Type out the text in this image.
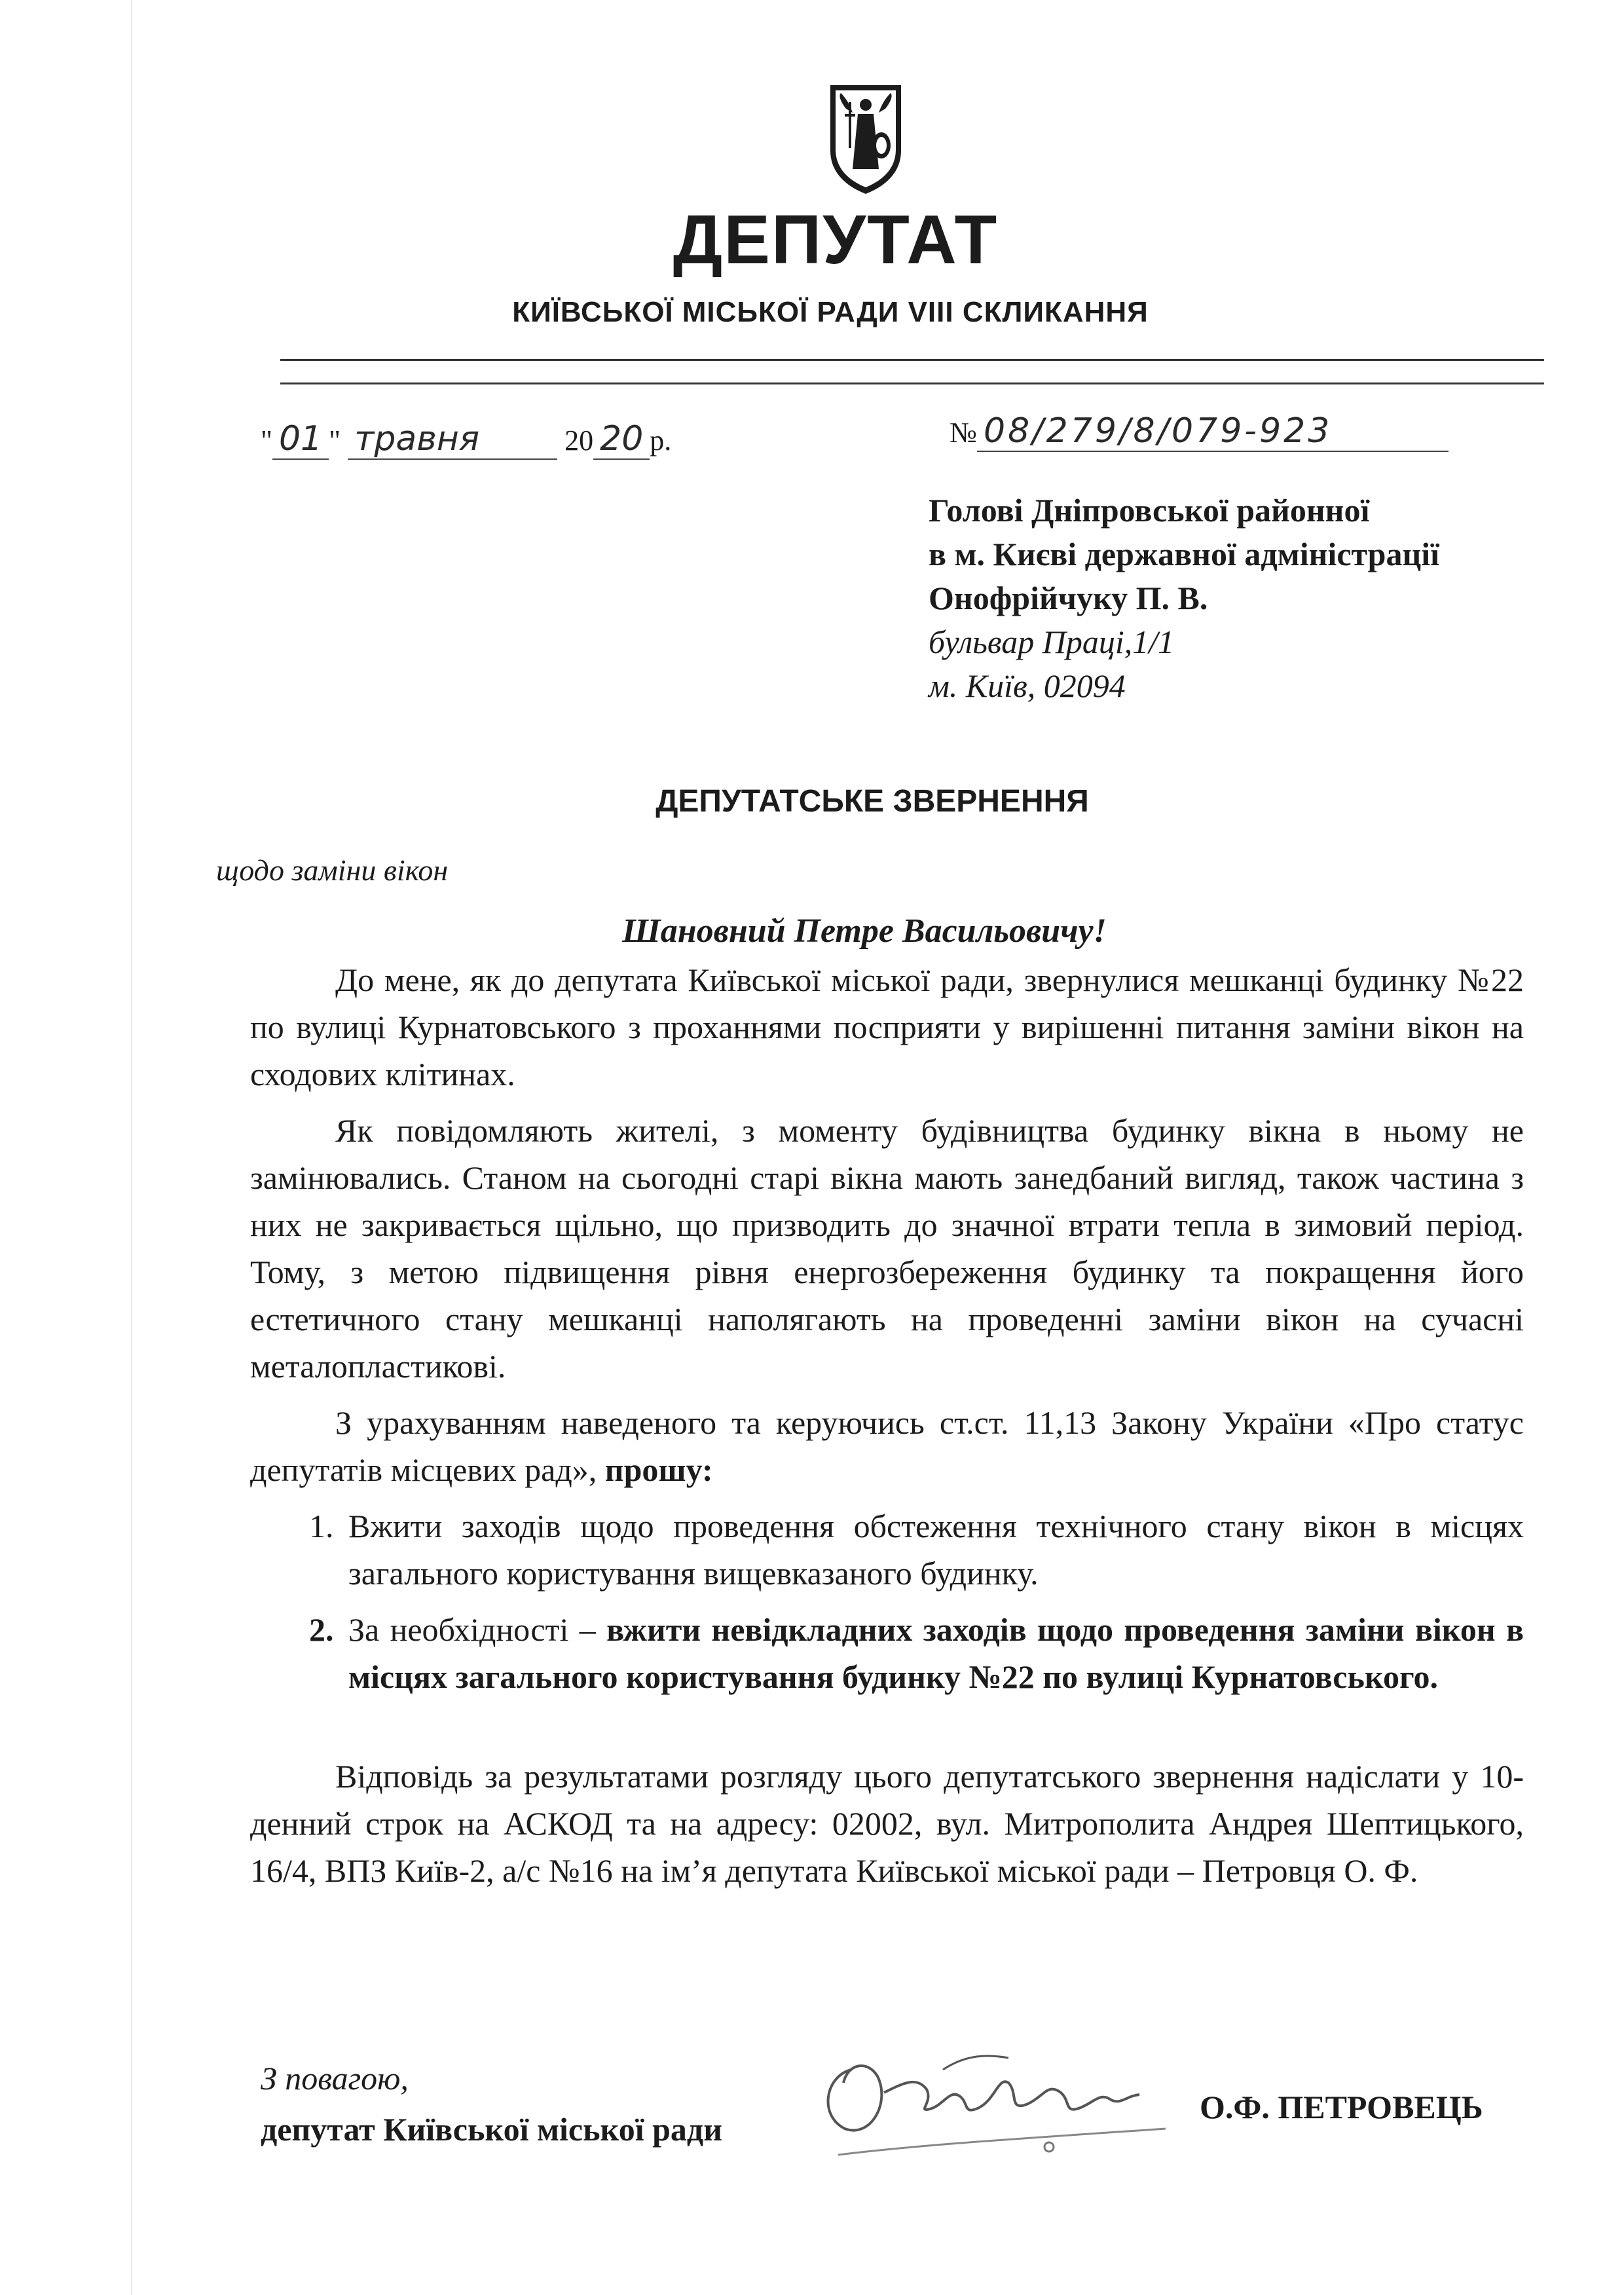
ДЕПУТАТ
КИЇВСЬКОЇ МІСЬКОЇ РАДИ VIII СКЛИКАННЯ
" 01 " травня	20 20 р.	№ 08/279/8/079-923
Голові Дніпровської районної
в м. Києві державної адміністрації
Онофрійчуку П. В.
бульвар Праці,1/1
м. Київ, 02094
ДЕПУТАТСЬКЕ ЗВЕРНЕННЯ
щодо заміни вікон
Шановний Петре Васильовичу!

До мене, як до депутата Київської міської ради, звернулися мешканці будинку №22 по вулиці Курнатовського з проханнями посприяти у вирішенні питання заміни вікон на сходових клітинах.

Як повідомляють жителі, з моменту будівництва будинку вікна в ньому не замінювались. Станом на сьогодні старі вікна мають занедбаний вигляд, також частина з них не закривається щільно, що призводить до значної втрати тепла в зимовий період. Тому, з метою підвищення рівня енергозбереження будинку та покращення його естетичного стану мешканці наполягають на проведенні заміни вікон на сучасні металопластикові.

З урахуванням наведеного та керуючись ст.ст. 11,13 Закону України «Про статус депутатів місцевих рад», прошу:

1. Вжити заходів щодо проведення обстеження технічного стану вікон в місцях загального користування вищевказаного будинку.
2. За необхідності – вжити невідкладних заходів щодо проведення заміни вікон в місцях загального користування будинку №22 по вулиці Курнатовського.

Відповідь за результатами розгляду цього депутатського звернення надіслати у 10-денний строк на АСКОД та на адресу: 02002, вул. Митрополита Андрея Шептицького, 16/4, ВПЗ Київ-2, а/с №16 на ім’я депутата Київської міської ради – Петровця О. Ф.

З повагою,
депутат Київської міської ради
О.Ф. ПЕТРОВЕЦЬ
